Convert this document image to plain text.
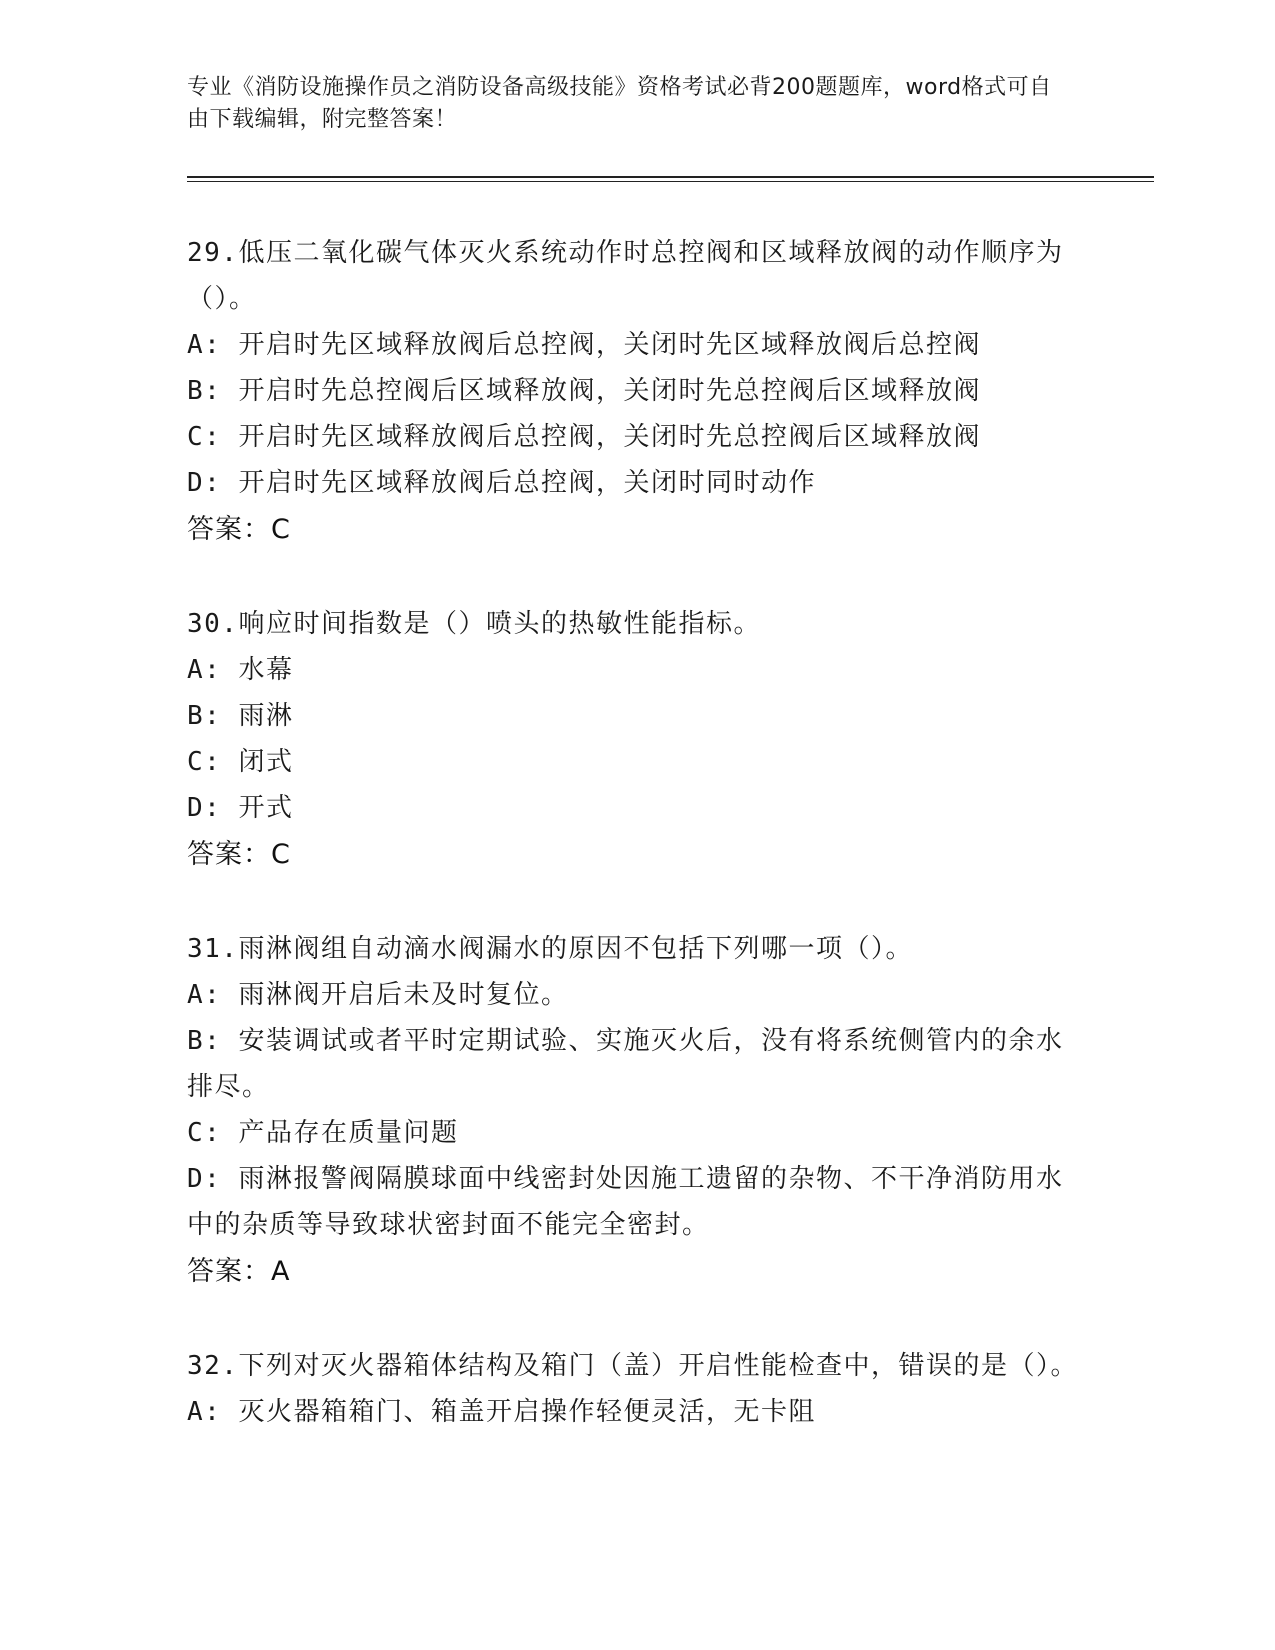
专业《消防设施操作员之消防设备高级技能》资格考试必背200题题库，word格式可自由下载编辑，附完整答案！
29.低压二氧化碳气体灭火系统动作时总控阀和区域释放阀的动作顺序为（）。
A: 开启时先区域释放阀后总控阀，关闭时先区域释放阀后总控阀
B: 开启时先总控阀后区域释放阀，关闭时先总控阀后区域释放阀
C: 开启时先区域释放阀后总控阀，关闭时先总控阀后区域释放阀
D: 开启时先区域释放阀后总控阀，关闭时同时动作
答案：C
30.响应时间指数是（）喷头的热敏性能指标。
A: 水幕
B: 雨淋
C: 闭式
D: 开式
答案：C
31.雨淋阀组自动滴水阀漏水的原因不包括下列哪一项（）。
A: 雨淋阀开启后未及时复位。
B: 安装调试或者平时定期试验、实施灭火后，没有将系统侧管内的余水排尽。
C: 产品存在质量问题
D: 雨淋报警阀隔膜球面中线密封处因施工遗留的杂物、不干净消防用水中的杂质等导致球状密封面不能完全密封。
答案：A
32.下列对灭火器箱体结构及箱门（盖）开启性能检查中，错误的是（）。
A: 灭火器箱箱门、箱盖开启操作轻便灵活，无卡阻
